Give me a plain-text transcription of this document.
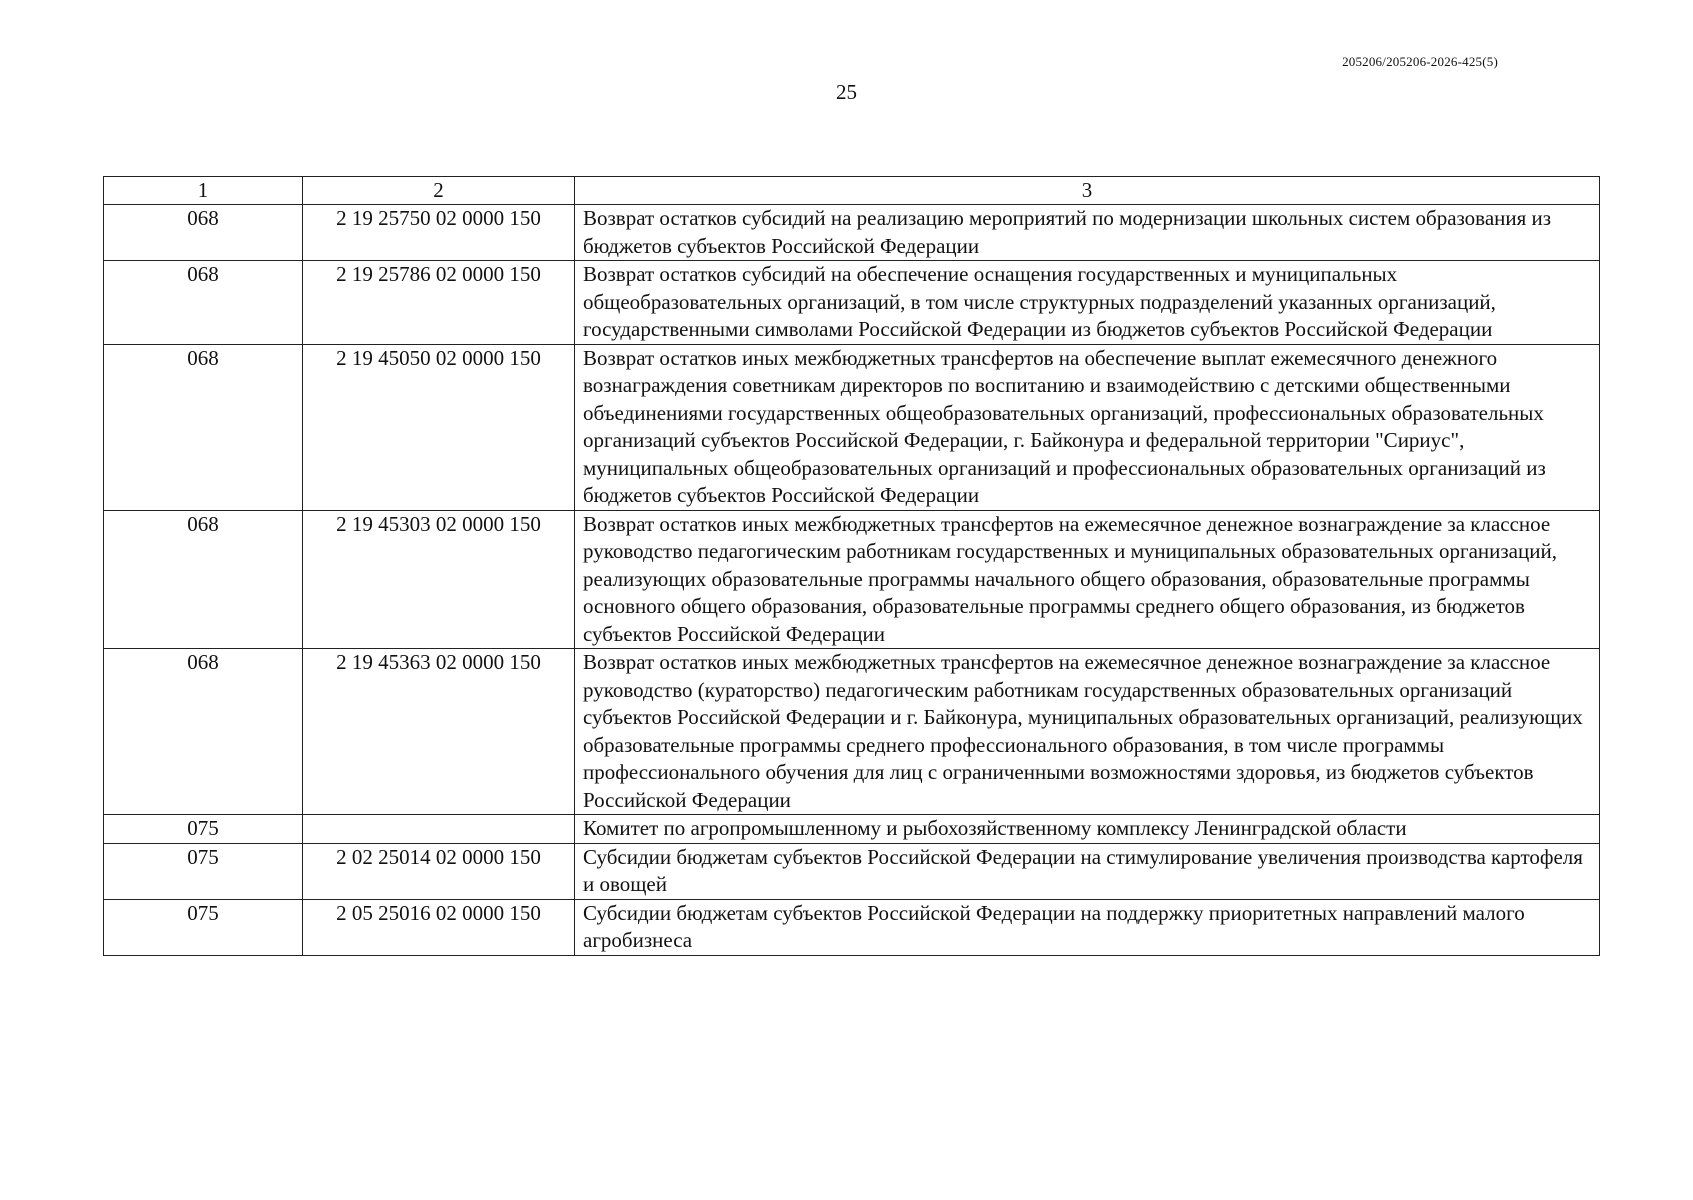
205206/205206-2026-425(5)
25
1	2	3
068	2 19 25750 02 0000 150	Возврат остатков субсидий на реализацию мероприятий по модернизации школьных систем образования из бюджетов субъектов Российской Федерации
068	2 19 25786 02 0000 150	Возврат остатков субсидий на обеспечение оснащения государственных и муниципальных общеобразовательных организаций, в том числе структурных подразделений указанных организаций, государственными символами Российской Федерации из бюджетов субъектов Российской Федерации
068	2 19 45050 02 0000 150	Возврат остатков иных межбюджетных трансфертов на обеспечение выплат ежемесячного денежного вознаграждения советникам директоров по воспитанию и взаимодействию с детскими общественными объединениями государственных общеобразовательных организаций, профессиональных образовательных организаций субъектов Российской Федерации, г. Байконура и федеральной территории "Сириус", муниципальных общеобразовательных организаций и профессиональных образовательных организаций из бюджетов субъектов Российской Федерации
068	2 19 45303 02 0000 150	Возврат остатков иных межбюджетных трансфертов на ежемесячное денежное вознаграждение за классное руководство педагогическим работникам государственных и муниципальных образовательных организаций, реализующих образовательные программы начального общего образования, образовательные программы основного общего образования, образовательные программы среднего общего образования, из бюджетов субъектов Российской Федерации
068	2 19 45363 02 0000 150	Возврат остатков иных межбюджетных трансфертов на ежемесячное денежное вознаграждение за классное руководство (кураторство) педагогическим работникам государственных образовательных организаций субъектов Российской Федерации и г. Байконура, муниципальных образовательных организаций, реализующих образовательные программы среднего профессионального образования, в том числе программы профессионального обучения для лиц с ограниченными возможностями здоровья, из бюджетов субъектов Российской Федерации
075		Комитет по агропромышленному и рыбохозяйственному комплексу Ленинградской области
075	2 02 25014 02 0000 150	Субсидии бюджетам субъектов Российской Федерации на стимулирование увеличения производства картофеля и овощей
075	2 05 25016 02 0000 150	Субсидии бюджетам субъектов Российской Федерации на поддержку приоритетных направлений малого агробизнеса
